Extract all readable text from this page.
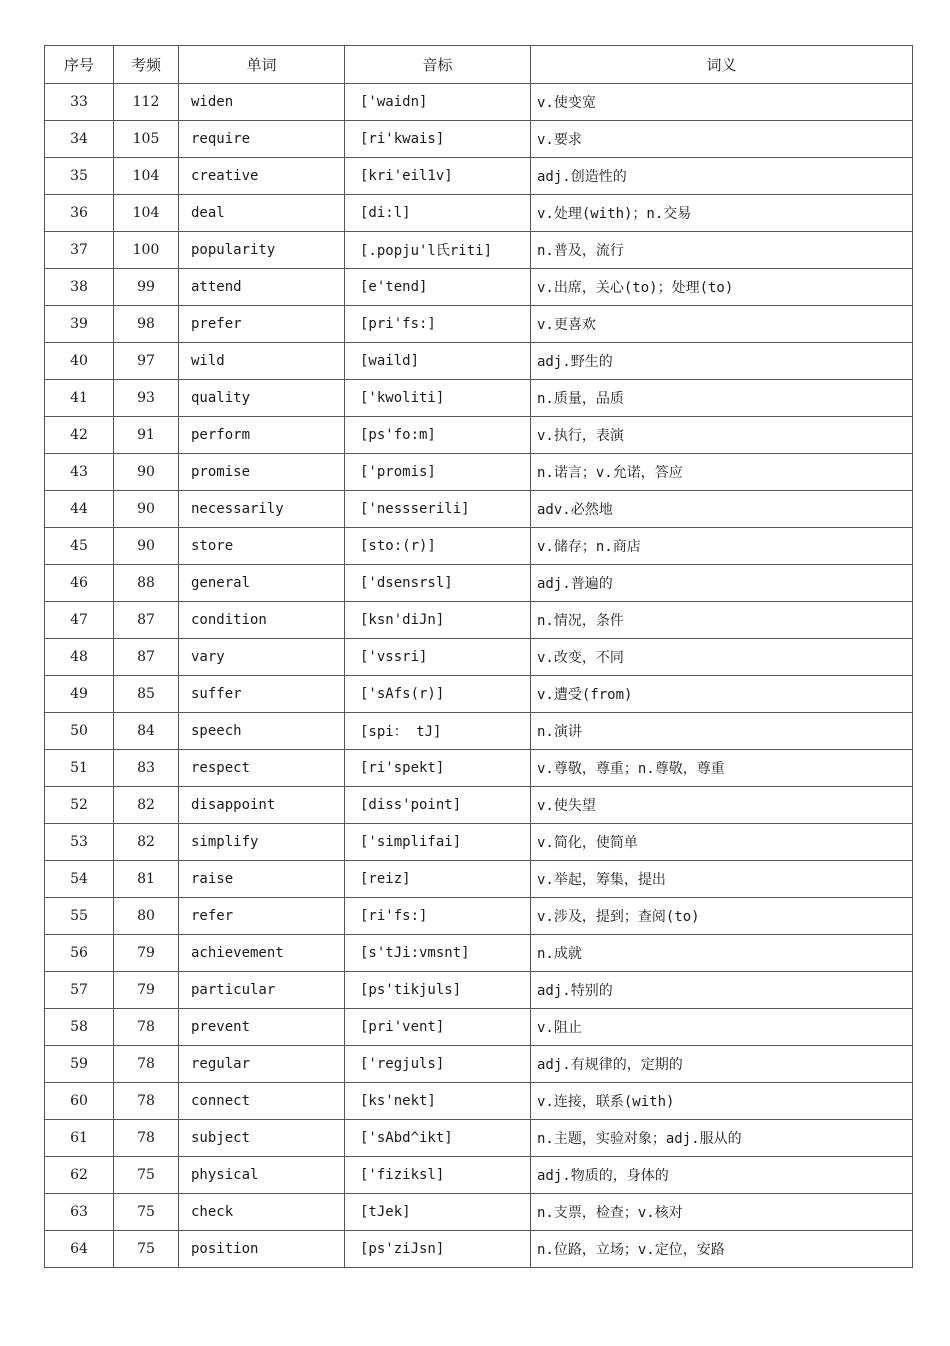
序号	考频	单词	音标	词义
33	112	widen	['waidn]	v.使变宽
34	105	require	[ri'kwais]	v.要求
35	104	creative	[kri'eil1v]	adj.创造性的
36	104	deal	[di:l]	v.处理(with)；n.交易
37	100	popularity	[.popju'l氏riti]	n.普及，流行
38	99	attend	[e'tend]	v.出席，关心(to)；处理(to)
39	98	prefer	[pri'fs:]	v.更喜欢
40	97	wild	[waild]	adj.野生的
41	93	quality	['kwoliti]	n.质量，品质
42	91	perform	[ps'fo:m]	v.执行，表演
43	90	promise	['promis]	n.诺言；v.允诺，答应
44	90	necessarily	['nessserili]	adv.必然地
45	90	store	[sto:(r)]	v.储存；n.商店
46	88	general	['dsensrsl]	adj.普遍的
47	87	condition	[ksn'diJn]	n.情况，条件
48	87	vary	['vssri]	v.改变，不同
49	85	suffer	['sAfs(r)]	v.遭受(from)
50	84	speech	[spi： tJ]	n.演讲
51	83	respect	[ri'spekt]	v.尊敬，尊重；n.尊敬，尊重
52	82	disappoint	[diss'point]	v.使失望
53	82	simplify	['simplifai]	v.简化，使简单
54	81	raise	[reiz]	v.举起，筹集，提出
55	80	refer	[ri'fs:]	v.涉及，提到；查阅(to)
56	79	achievement	[s'tJi:vmsnt]	n.成就
57	79	particular	[ps'tikjuls]	adj.特别的
58	78	prevent	[pri'vent]	v.阻止
59	78	regular	['regjuls]	adj.有规律的，定期的
60	78	connect	[ks'nekt]	v.连接，联系(with)
61	78	subject	['sAbd^ikt]	n.主题，实验对象；adj.服从的
62	75	physical	['fiziksl]	adj.物质的，身体的
63	75	check	[tJek]	n.支票，检查；v.核对
64	75	position	[ps'ziJsn]	n.位路，立场；v.定位，安路
